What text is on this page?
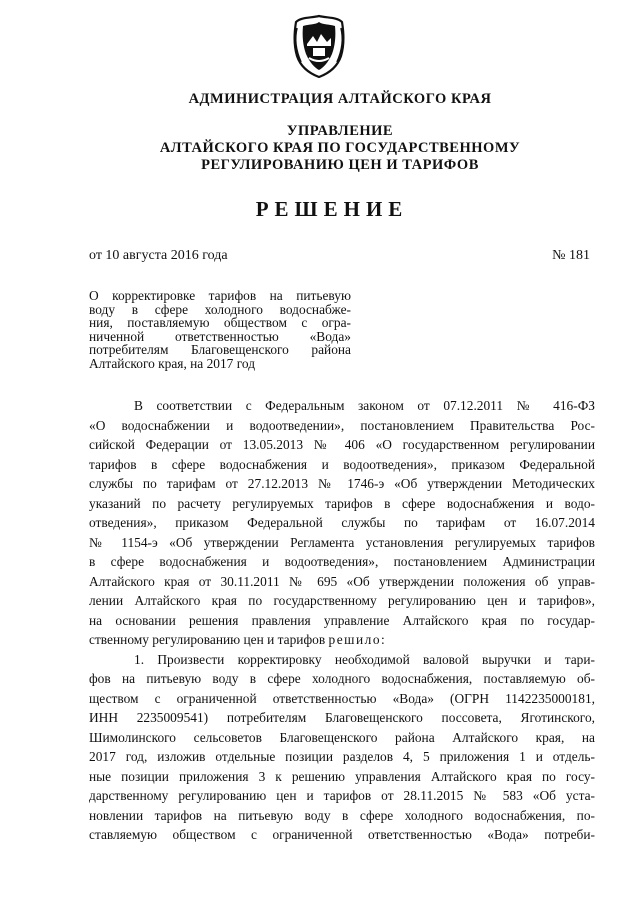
АДМИНИСТРАЦИЯ АЛТАЙСКОГО КРАЯ
УПРАВЛЕНИЕ
АЛТАЙСКОГО КРАЯ ПО ГОСУДАРСТВЕННОМУ
РЕГУЛИРОВАНИЮ ЦЕН И ТАРИФОВ
РЕШЕНИЕ
от 10 августа 2016 года	№ 181
О корректировке тарифов на питьевую
воду в сфере холодного водоснабже-
ния, поставляемую обществом с огра-
ниченной ответственностью «Вода»
потребителям Благовещенского района
Алтайского края, на 2017 год
В соответствии с Федеральным законом от 07.12.2011 № 416-ФЗ
«О водоснабжении и водоотведении», постановлением Правительства Рос-
сийской Федерации от 13.05.2013 № 406 «О государственном регулировании
тарифов в сфере водоснабжения и водоотведения», приказом Федеральной
службы по тарифам от 27.12.2013 № 1746-э «Об утверждении Методических
указаний по расчету регулируемых тарифов в сфере водоснабжения и водо-
отведения», приказом Федеральной службы по тарифам от 16.07.2014
№ 1154-э «Об утверждении Регламента установления регулируемых тарифов
в сфере водоснабжения и водоотведения», постановлением Администрации
Алтайского края от 30.11.2011 № 695 «Об утверждении положения об управ-
лении Алтайского края по государственному регулированию цен и тарифов»,
на основании решения правления управление Алтайского края по государ-
ственному регулированию цен и тарифов решило:
1. Произвести корректировку необходимой валовой выручки и тари-
фов на питьевую воду в сфере холодного водоснабжения, поставляемую об-
ществом с ограниченной ответственностью «Вода» (ОГРН 1142235000181,
ИНН 2235009541) потребителям Благовещенского поссовета, Яготинского,
Шимолинского сельсоветов Благовещенского района Алтайского края, на
2017 год, изложив отдельные позиции разделов 4, 5 приложения 1 и отдель-
ные позиции приложения 3 к решению управления Алтайского края по госу-
дарственному регулированию цен и тарифов от 28.11.2015 № 583 «Об уста-
новлении тарифов на питьевую воду в сфере холодного водоснабжения, по-
ставляемую обществом с ограниченной ответственностью «Вода» потреби-
